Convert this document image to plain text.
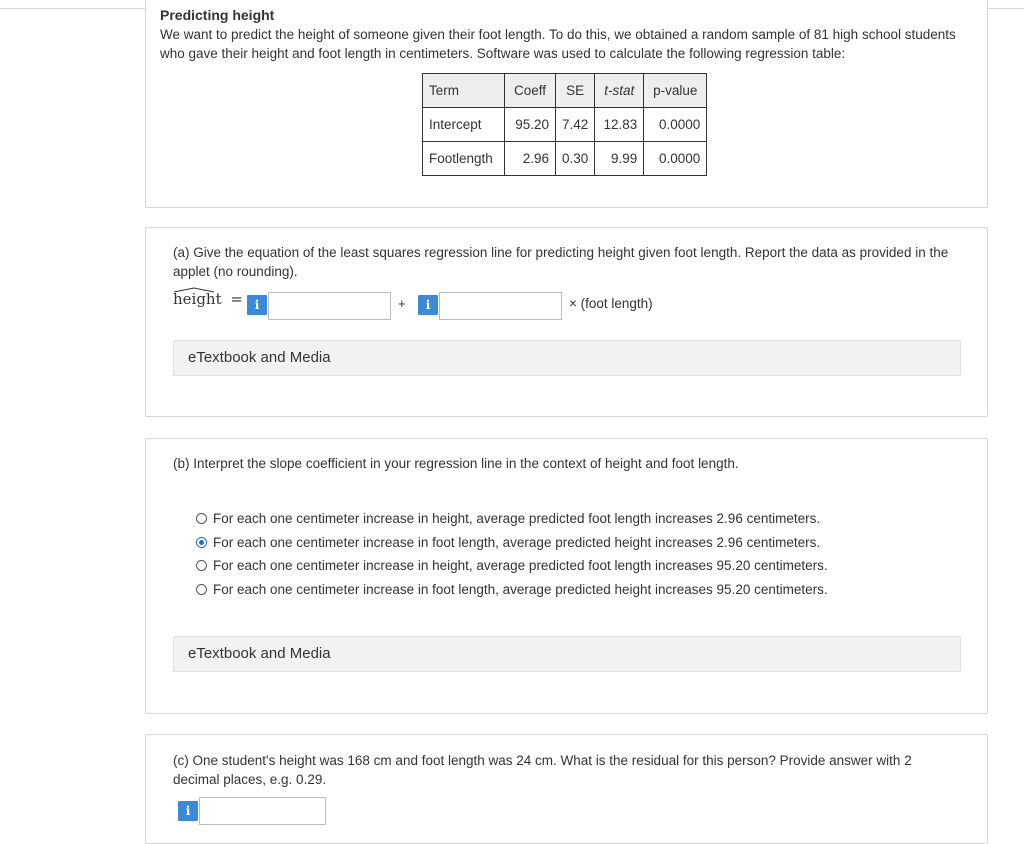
Predicting height
We want to predict the height of someone given their foot length. To do this, we obtained a random sample of 81 high school students
who gave their height and foot length in centimeters. Software was used to calculate the following regression table:
Term	Coeff	SE	t-stat	p-value
Intercept	95.20	7.42	12.83	0.0000
Footlength	2.96	0.30	9.99	0.0000
(a) Give the equation of the least squares regression line for predicting height given foot length. Report the data as provided in the
applet (no rounding).
height = i	+	i	× (foot length)
eTextbook and Media
(b) Interpret the slope coefficient in your regression line in the context of height and foot length.
For each one centimeter increase in height, average predicted foot length increases 2.96 centimeters.
For each one centimeter increase in foot length, average predicted height increases 2.96 centimeters.
For each one centimeter increase in height, average predicted foot length increases 95.20 centimeters.
For each one centimeter increase in foot length, average predicted height increases 95.20 centimeters.
eTextbook and Media
(c) One student's height was 168 cm and foot length was 24 cm. What is the residual for this person? Provide answer with 2
decimal places, e.g. 0.29.
i
